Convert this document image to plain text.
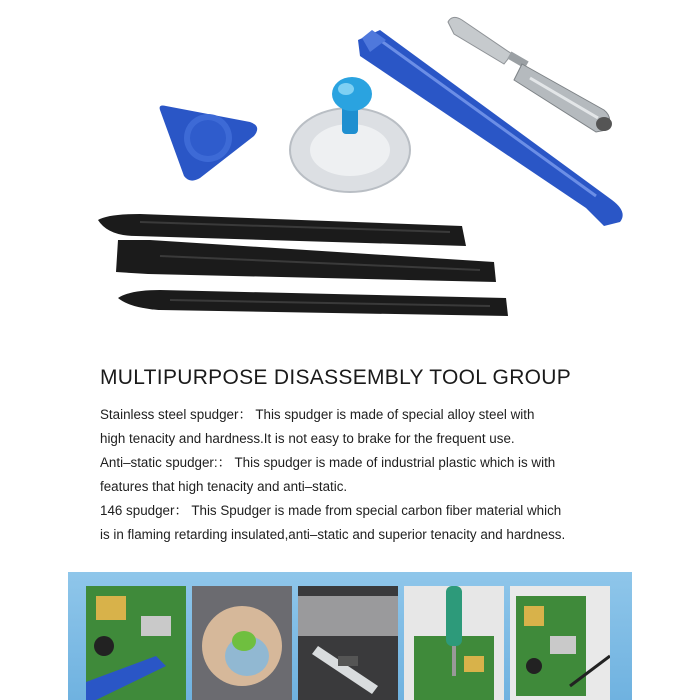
MULTIPURPOSE DISASSEMBLY TOOL GROUP
Stainless steel spudger： This spudger is made of special alloy steel with
high tenacity and hardness.It is not easy to brake for the frequent use.
Anti–static spudger:： This spudger is made of industrial plastic which is with
features that high tenacity and anti–static.
146 spudger： This Spudger is made from special carbon fiber material which
is in flaming retarding insulated,anti–static and superior tenacity and hardness.
